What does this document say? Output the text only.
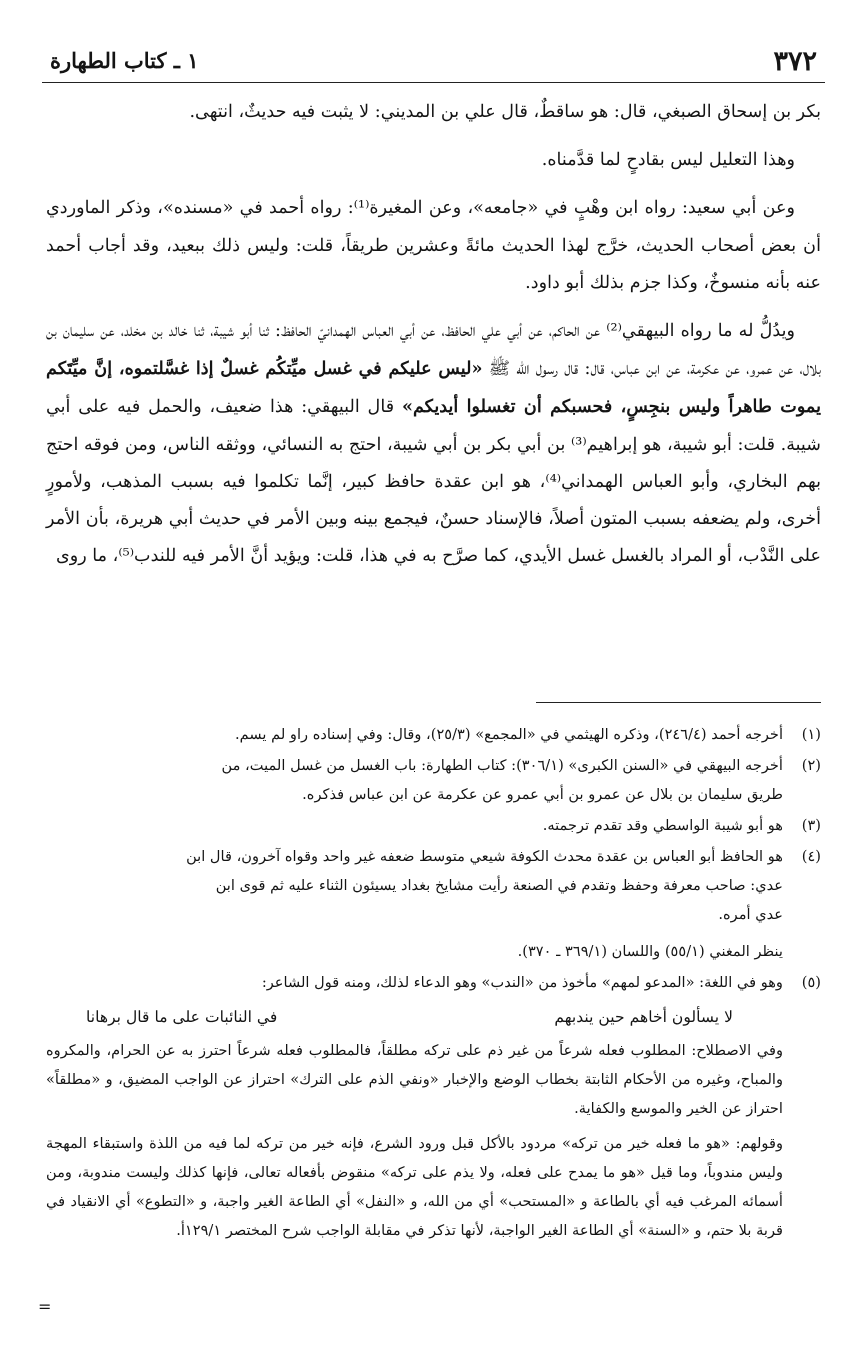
٣٧٢
١ ـ كتاب الطهارة

بكر بن إسحاق الصبغي، قال: هو ساقطٌ، قال علي بن المديني: لا يثبت فيه حديثٌ، انتهى.

وهذا التعليل ليس بقادحٍ لما قدَّمناه.

وعن أبي سعيد: رواه ابن وهْبٍ في «جامعه»، وعن المغيرة⁽¹⁾: رواه أحمد في «مسنده»، وذكر الماوردي أن بعض أصحاب الحديث، خرَّج لهذا الحديث مائةً وعشرين طريقاً، قلت: وليس ذلك ببعيد، وقد أجاب أحمد عنه بأنه منسوخٌ، وكذا جزم بذلك أبو داود.

ويدُلُّ له ما رواه البيهقي⁽²⁾ عن الحاكم، عن أبي علي الحافظ، عن أبي العباس الهمدانيّ الحافظ: ثنا أبو شيبة، ثنا خالد بن مخلد، عن سليمان بن بلال، عن عمرو، عن عكرمة، عن ابن عباس، قال: قال رسول الله ﷺ «ليس عليكم في غسل ميِّتكُم غسلٌ إذا غسَّلتموه، إنَّ ميِّتَكم يموت طاهراً وليس بنجِسٍ، فحسبكم أن تغسلوا أيديكم» قال البيهقي: هذا ضعيف، والحمل فيه على أبي شيبة. قلت: أبو شيبة، هو إبراهيم⁽³⁾ بن أبي بكر بن أبي شيبة، احتج به النسائي، ووثقه الناس، ومن فوقه احتج بهم البخاري، وأبو العباس الهمداني⁽⁴⁾، هو ابن عقدة حافظ كبير، إنَّما تكلموا فيه بسبب المذهب، ولأمورٍ أخرى، ولم يضعفه بسبب المتون أصلاً، فالإسناد حسنٌ، فيجمع بينه وبين الأمر في حديث أبي هريرة، بأن الأمر على النَّدْب، أو المراد بالغسل غسل الأيدي، كما صرَّح به في هذا، قلت: ويؤيد أنَّ الأمر فيه للندب⁽⁵⁾، ما روى

(١)
أخرجه أحمد (٢٤٦/٤)، وذكره الهيثمي في «المجمع» (٢٥/٣)، وقال: وفي إسناده راو لم يسم.
(٢)
أخرجه البيهقي في «السنن الكبرى» (٣٠٦/١): كتاب الطهارة: باب الغسل من غسل الميت، من
طريق سليمان بن بلال عن عمرو بن أبي عمرو عن عكرمة عن ابن عباس فذكره.
(٣)
هو أبو شيبة الواسطي وقد تقدم ترجمته.
(٤)
هو الحافظ أبو العباس بن عقدة محدث الكوفة شيعي متوسط ضعفه غير واحد وقواه آخرون، قال ابن
عدي: صاحب معرفة وحفظ وتقدم في الصنعة رأيت مشايخ بغداد يسيئون الثناء عليه ثم قوى ابن
عدي أمره.
ينظر المغني (٥٥/١) واللسان (٣٦٩/١ ـ ٣٧٠).
(٥)
وهو في اللغة: «المدعو لمهم» مأخوذ من «الندب» وهو الدعاء لذلك، ومنه قول الشاعر:
لا يسألون أخاهم حين يندبهم
في النائبات على ما قال برهانا

وفي الاصطلاح: المطلوب فعله شرعاً من غير ذم على تركه مطلقاً، فالمطلوب فعله شرعاً احترز به عن الحرام، والمكروه والمباح، وغيره من الأحكام الثابتة بخطاب الوضع والإخبار «ونفي الذم على الترك» احتراز عن الواجب المضيق، و «مطلقاً» احتراز عن الخير والموسع والكفاية.

وقولهم: «هو ما فعله خير من تركه» مردود بالأكل قبل ورود الشرع، فإنه خير من تركه لما فيه من اللذة واستبقاء المهجة وليس مندوباً، وما قيل «هو ما يمدح على فعله، ولا يذم على تركه» منقوض بأفعاله تعالى، فإنها كذلك وليست مندوبة، ومن أسمائه المرغب فيه أي بالطاعة و «المستحب» أي من الله، و «النفل» أي الطاعة الغير واجبة، و «التطوع» أي الانقياد في قربة بلا حتم، و «السنة» أي الطاعة الغير الواجبة، لأنها تذكر في مقابلة الواجب شرح المختصر ١٢٩/١أ.

=
